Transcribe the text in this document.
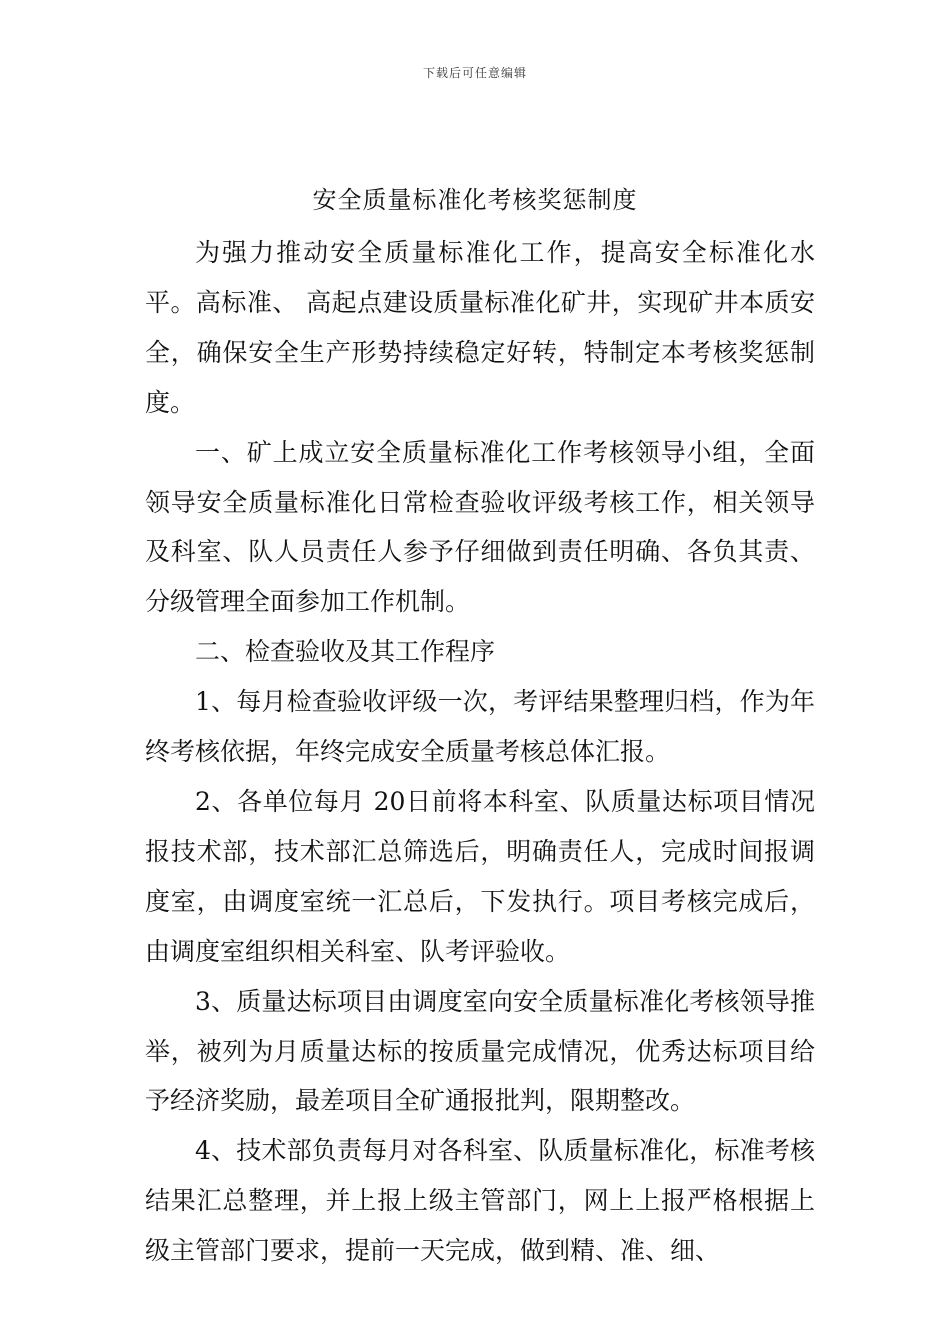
下载后可任意编辑
安全质量标准化考核奖惩制度

为强力推动安全质量标准化工作，提高安全标准化水平。高标准、 高起点建设质量标准化矿井，实现矿井本质安全，确保安全生产形势持续稳定好转，特制定本考核奖惩制度。

一、矿上成立安全质量标准化工作考核领导小组，全面领导安全质量标准化日常检查验收评级考核工作，相关领导及科室、队人员责任人参予仔细做到责任明确、各负其责、分级管理全面参加工作机制。

二、检查验收及其工作程序

1、每月检查验收评级一次，考评结果整理归档，作为年终考核依据，年终完成安全质量考核总体汇报。

2、各单位每月 20日前将本科室、队质量达标项目情况报技术部，技术部汇总筛选后，明确责任人，完成时间报调度室，由调度室统一汇总后，下发执行。项目考核完成后，由调度室组织相关科室、队考评验收。

3、质量达标项目由调度室向安全质量标准化考核领导推举，被列为月质量达标的按质量完成情况，优秀达标项目给予经济奖励，最差项目全矿通报批判，限期整改。

4、技术部负责每月对各科室、队质量标准化，标准考核结果汇总整理，并上报上级主管部门，网上上报严格根据上级主管部门要求，提前一天完成，做到精、准、细、
